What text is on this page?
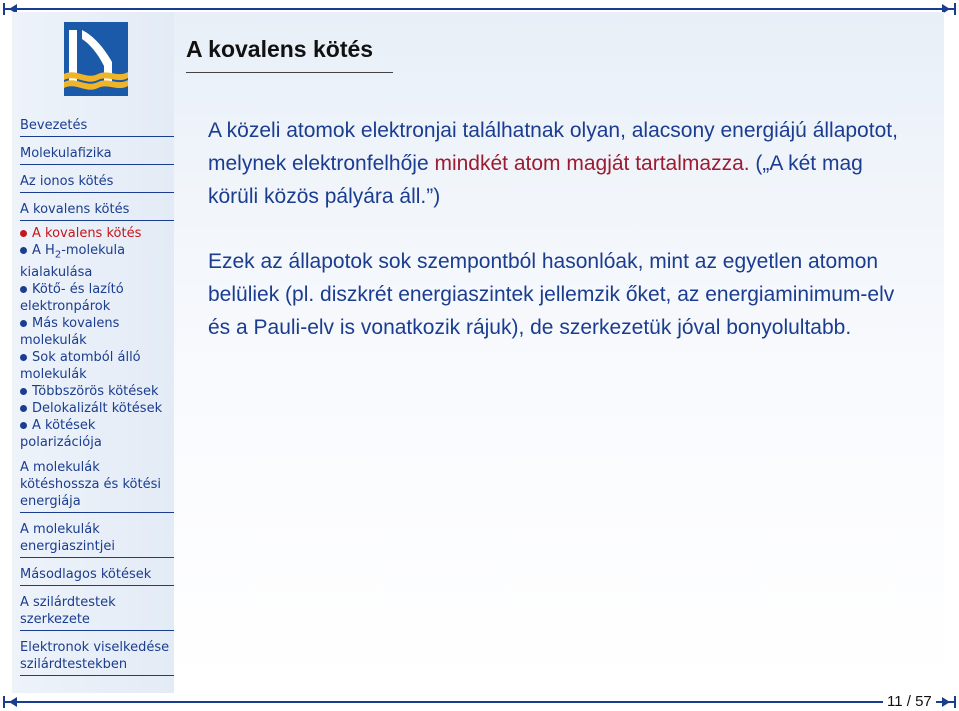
Bevezetés
Molekulafizika
Az ionos kötés
A kovalens kötés
A kovalens kötés
A $H_2$-molekula
kialakulása
Kötő- és lazító
elektronpárok
Más kovalens
molekulák
Sok atomból álló
molekulák
Többszörös kötések
Delokalizált kötések
A kötések
polarizációja
A molekulák
kötéshossza és kötési
energiája
A molekulák
energiaszintjei
Másodlagos kötések
A szilárdtestek
szerkezete
Elektronok viselkedése
szilárdtestekben
A kovalens kötés

A közeli atomok elektronjai találhatnak olyan, alacsony energiájú állapotot, melynek elektronfelhője mindkét atom magját tartalmazza. („A két mag körüli közös pályára áll.”)

Ezek az állapotok sok szempontból hasonlóak, mint az egyetlen atomon belüliek (pl. diszkrét energiaszintek jellemzik őket, az energiaminimum-elv és a Pauli-elv is vonatkozik rájuk), de szerkezetük jóval bonyolultabb.

11 / 57
